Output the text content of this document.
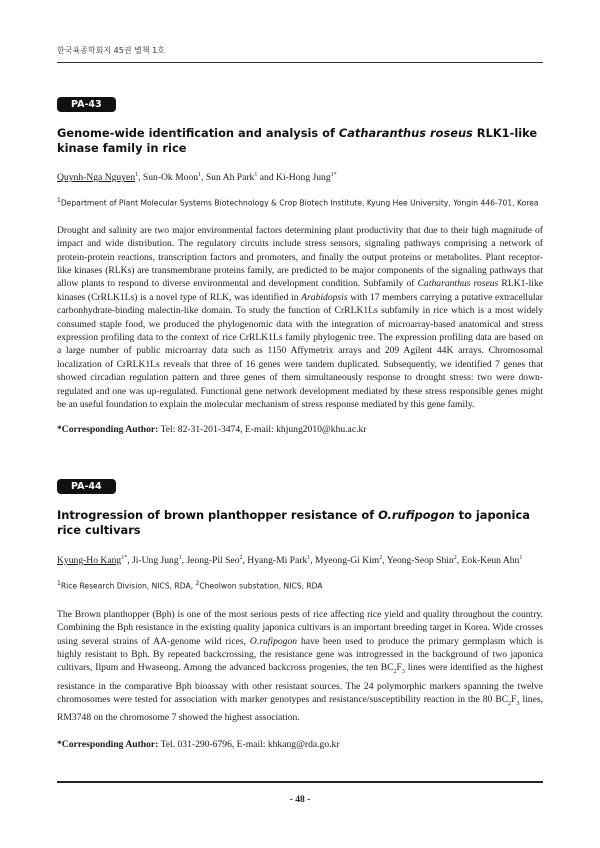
한국육종학회지 45권 별책 1호
PA-43
Genome-wide identification and analysis of Catharanthus roseus RLK1-like kinase family in rice
Quynh-Nga Nguyen$^1$, Sun-Ok Moon$^1$, Sun Ah Park$^1$ and Ki-Hong Jung$^{1*}$
$^1$Department of Plant Molecular Systems Biotechnology & Crop Biotech Institute, Kyung Hee University, Yongin 446-701, Korea
Drought and salinity are two major environmental factors determining plant productivity that due to their high magnitude of impact and wide distribution. The regulatory circuits include stress sensors, signaling pathways comprising a network of protein-protein reactions, transcription factors and promoters, and finally the output proteins or metabolites. Plant receptor-like kinases (RLKs) are transmembrane proteins family, are predicted to be major components of the signaling pathways that allow plants to respond to diverse environmental and development condition. Subfamily of Catharanthus roseus RLK1-like kinases (CrRLK1Ls) is a novel type of RLK, was identified in Arabidopsis with 17 members carrying a putative extracellular carbonhydrate-binding malectin-like domain. To study the function of CrRLK1Ls subfamily in rice which is a most widely consumed staple food, we produced the phylogenomic data with the integration of microarray-based anatomical and stress expression profiling data to the context of rice CrRLK1Ls family phylogenic tree. The expression profiling data are based on a large number of public microarray data such as 1150 Affymetrix arrays and 209 Agilent 44K arrays. Chromosomal localization of CrRLK1Ls reveals that three of 16 genes were tandem duplicated. Subsequently, we identified 7 genes that showed circadian regulation pattern and three genes of them simultaneously response to drought stress: two were down-regulated and one was up-regulated. Functional gene network development mediated by these stress responsible genes might be an useful foundation to explain the molecular mechanism of stress response mediated by this gene family.
*Corresponding Author: Tel: 82-31-201-3474, E-mail: khjung2010@khu.ac.kr
PA-44
Introgression of brown planthopper resistance of O.rufipogon to japonica rice cultivars
Kyung-Ho Kang$^{1*}$, Ji-Ung Jung$^1$, Jeong-Pil Seo$^2$, Hyang-Mi Park$^1$, Myeong-Gi Kim$^2$, Yeong-Seop Shin$^2$, Eok-Keun Ahn$^1$
$^1$Rice Research Division, NICS, RDA, $^2$Cheolwon substation, NICS, RDA
The Brown planthopper (Bph) is one of the most serious pests of rice affecting rice yield and quality throughout the country. Combining the Bph resistance in the existing quality japonica cultivars is an important breeding target in Korea. Wide crosses using several strains of AA-genome wild rices, O.rufipogon have been used to produce the primary germplasm which is highly resistant to Bph. By repeated backcrossing, the resistance gene was introgressed in the background of two japonica cultivars, Ilpum and Hwaseong. Among the advanced backcross progenies, the ten $BC_2F_3$ lines were identified as the highest resistance in the comparative Bph bioassay with other resistant sources. The 24 polymorphic markers spanning the twelve chromosomes were tested for association with marker genotypes and resistance/susceptibility reaction in the 80 $BC_2F_3$ lines, RM3748 on the chromosome 7 showed the highest association.
*Corresponding Author: Tel. 031-290-6796, E-mail: khkang@rda.go.kr
- 48 -
